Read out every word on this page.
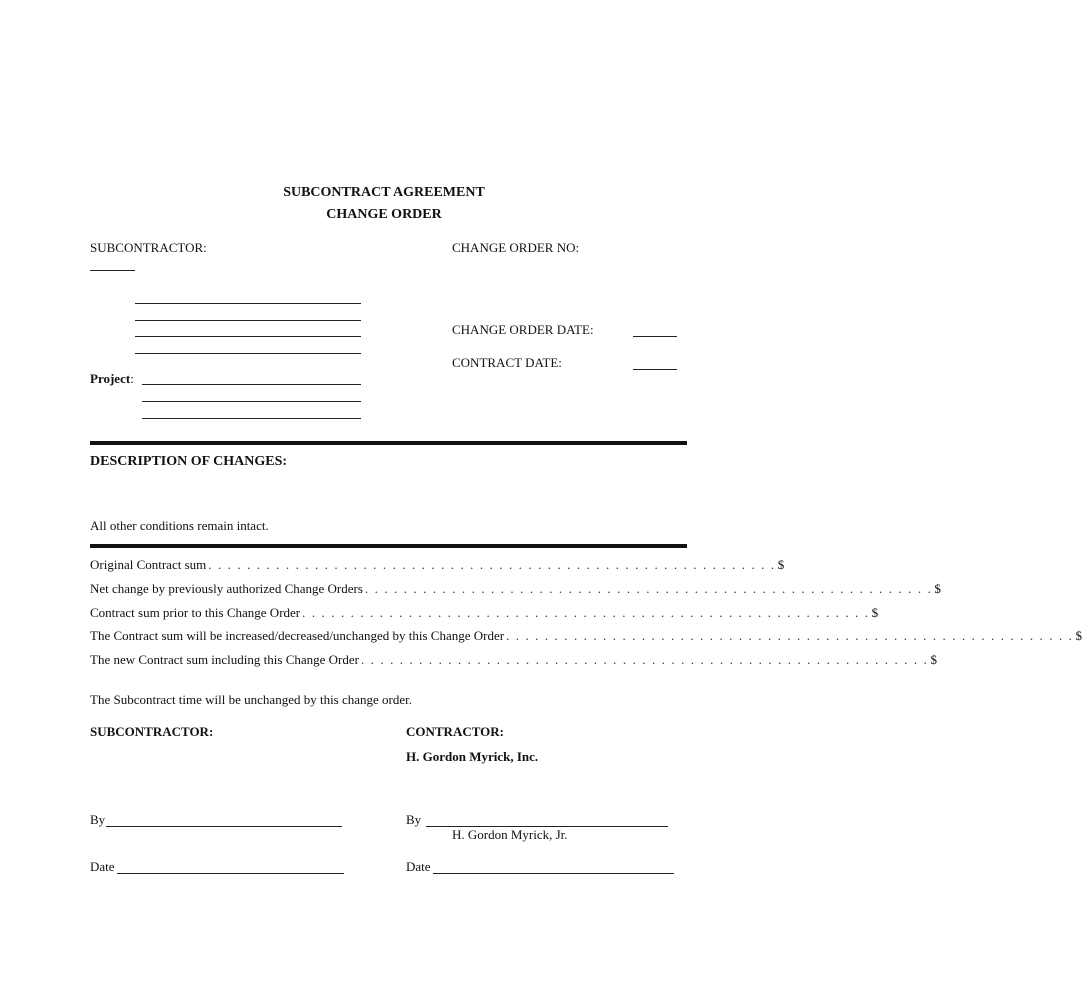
SUBCONTRACT AGREEMENT
CHANGE ORDER
SUBCONTRACTOR:	CHANGE ORDER NO:
CHANGE ORDER DATE:
CONTRACT DATE:
Project:
DESCRIPTION OF CHANGES:
All other conditions remain intact.
Original Contract sum . . . . . . . . . . . . . . . . . . . . . . . . . . . . . . . . . . . . . . . . . . . . . . . . . . . . . . . . . . . $
Net change by previously authorized Change Orders . . . . . . . . . . . . . . . . . . . . . . . . . . . . . . . . . . . . . . . . . . . . . . . . . . . . . . . . . . . $
Contract sum prior to this Change Order . . . . . . . . . . . . . . . . . . . . . . . . . . . . . . . . . . . . . . . . . . . . . . . . . . . . . . . . . . . $
The Contract sum will be increased/decreased/unchanged by this Change Order . . . . . . . . . . . . . . . . . . . . . . . . . . . . . . . . . . . . . . . . . . . . . . . . . . . . . . . . . . . $
The new Contract sum including this Change Order . . . . . . . . . . . . . . . . . . . . . . . . . . . . . . . . . . . . . . . . . . . . . . . . . . . . . . . . . . . $
The Subcontract time will be unchanged by this change order.
SUBCONTRACTOR:	CONTRACTOR:
H. Gordon Myrick, Inc.
By	By
H. Gordon Myrick, Jr.
Date	Date
